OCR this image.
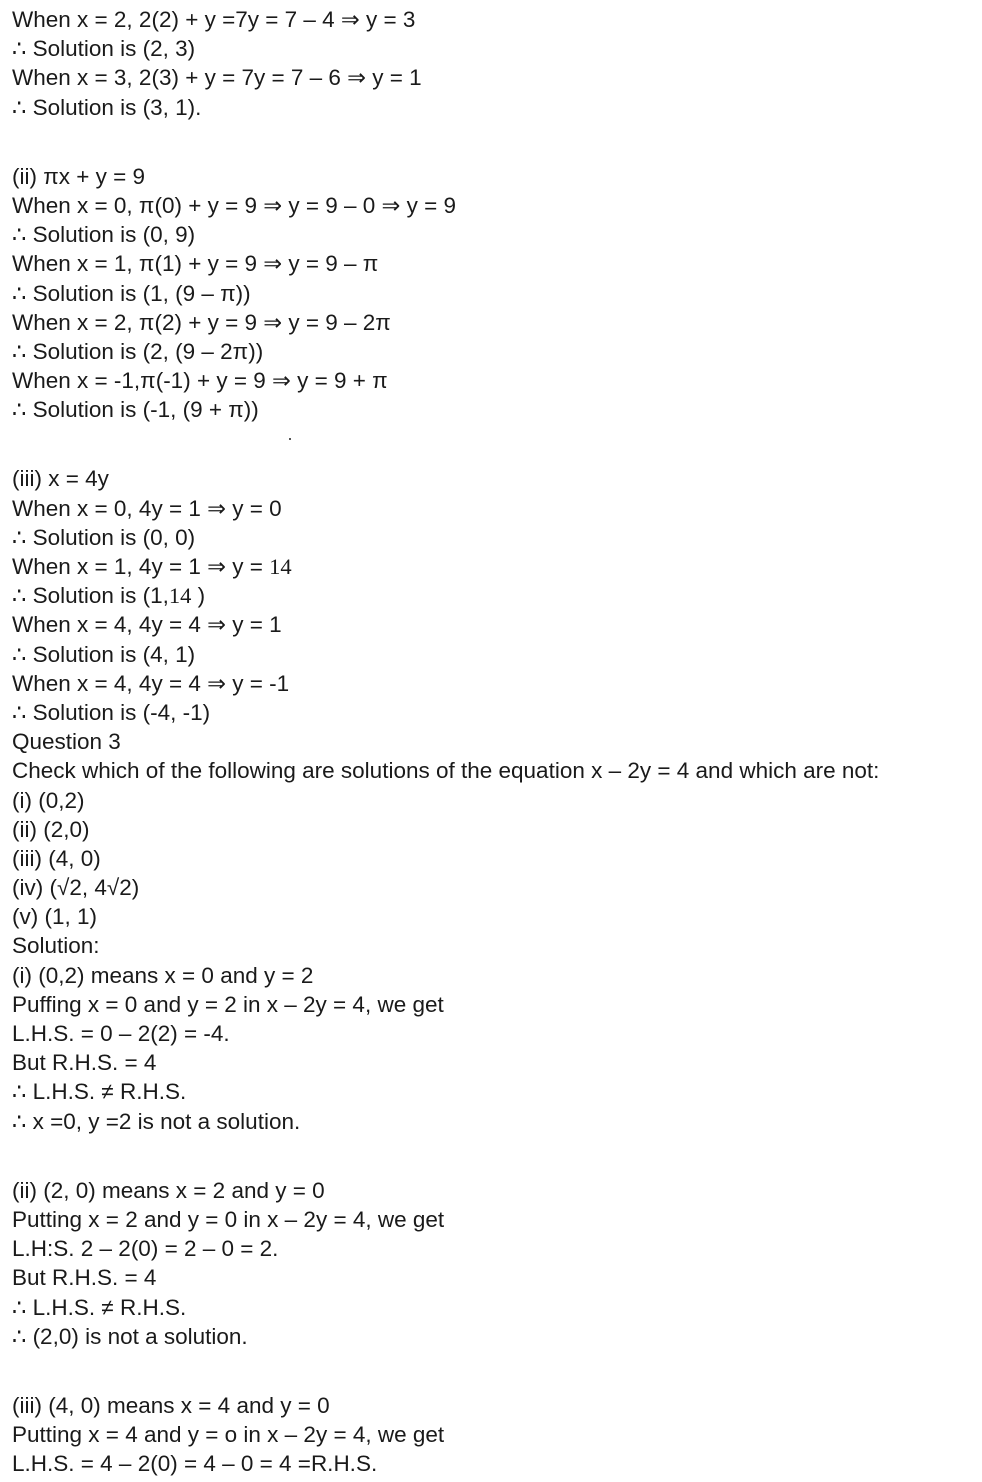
When x = 2, 2(2) + y =7y = 7 – 4 ⇒ y = 3
∴ Solution is (2, 3)
When x = 3, 2(3) + y = 7y = 7 – 6 ⇒ y = 1
∴ Solution is (3, 1).
(ii) πx + y = 9
When x = 0, π(0) + y = 9 ⇒ y = 9 – 0 ⇒ y = 9
∴ Solution is (0, 9)
When x = 1, π(1) + y = 9 ⇒ y = 9 – π
∴ Solution is (1, (9 – π))
When x = 2, π(2) + y = 9 ⇒ y = 9 – 2π
∴ Solution is (2, (9 – 2π))
When x = -1,π(-1) + y = 9 ⇒ y = 9 + π
∴ Solution is (-1, (9 + π))
(iii) x = 4y
When x = 0, 4y = 1 ⇒ y = 0
∴ Solution is (0, 0)
When x = 1, 4y = 1 ⇒ y = 14
∴ Solution is (1,14 )
When x = 4, 4y = 4 ⇒ y = 1
∴ Solution is (4, 1)
When x = 4, 4y = 4 ⇒ y = -1
∴ Solution is (-4, -1)
Question 3
Check which of the following are solutions of the equation x – 2y = 4 and which are not:
(i) (0,2)
(ii) (2,0)
(iii) (4, 0)
(iv) (√2, 4√2)
(v) (1, 1)
Solution:
(i) (0,2) means x = 0 and y = 2
Puffing x = 0 and y = 2 in x – 2y = 4, we get
L.H.S. = 0 – 2(2) = -4.
But R.H.S. = 4
∴ L.H.S. ≠ R.H.S.
∴ x =0, y =2 is not a solution.
(ii) (2, 0) means x = 2 and y = 0
Putting x = 2 and y = 0 in x – 2y = 4, we get
L.H:S. 2 – 2(0) = 2 – 0 = 2.
But R.H.S. = 4
∴ L.H.S. ≠ R.H.S.
∴ (2,0) is not a solution.
(iii) (4, 0) means x = 4 and y = 0
Putting x = 4 and y = o in x – 2y = 4, we get
L.H.S. = 4 – 2(0) = 4 – 0 = 4 =R.H.S.
